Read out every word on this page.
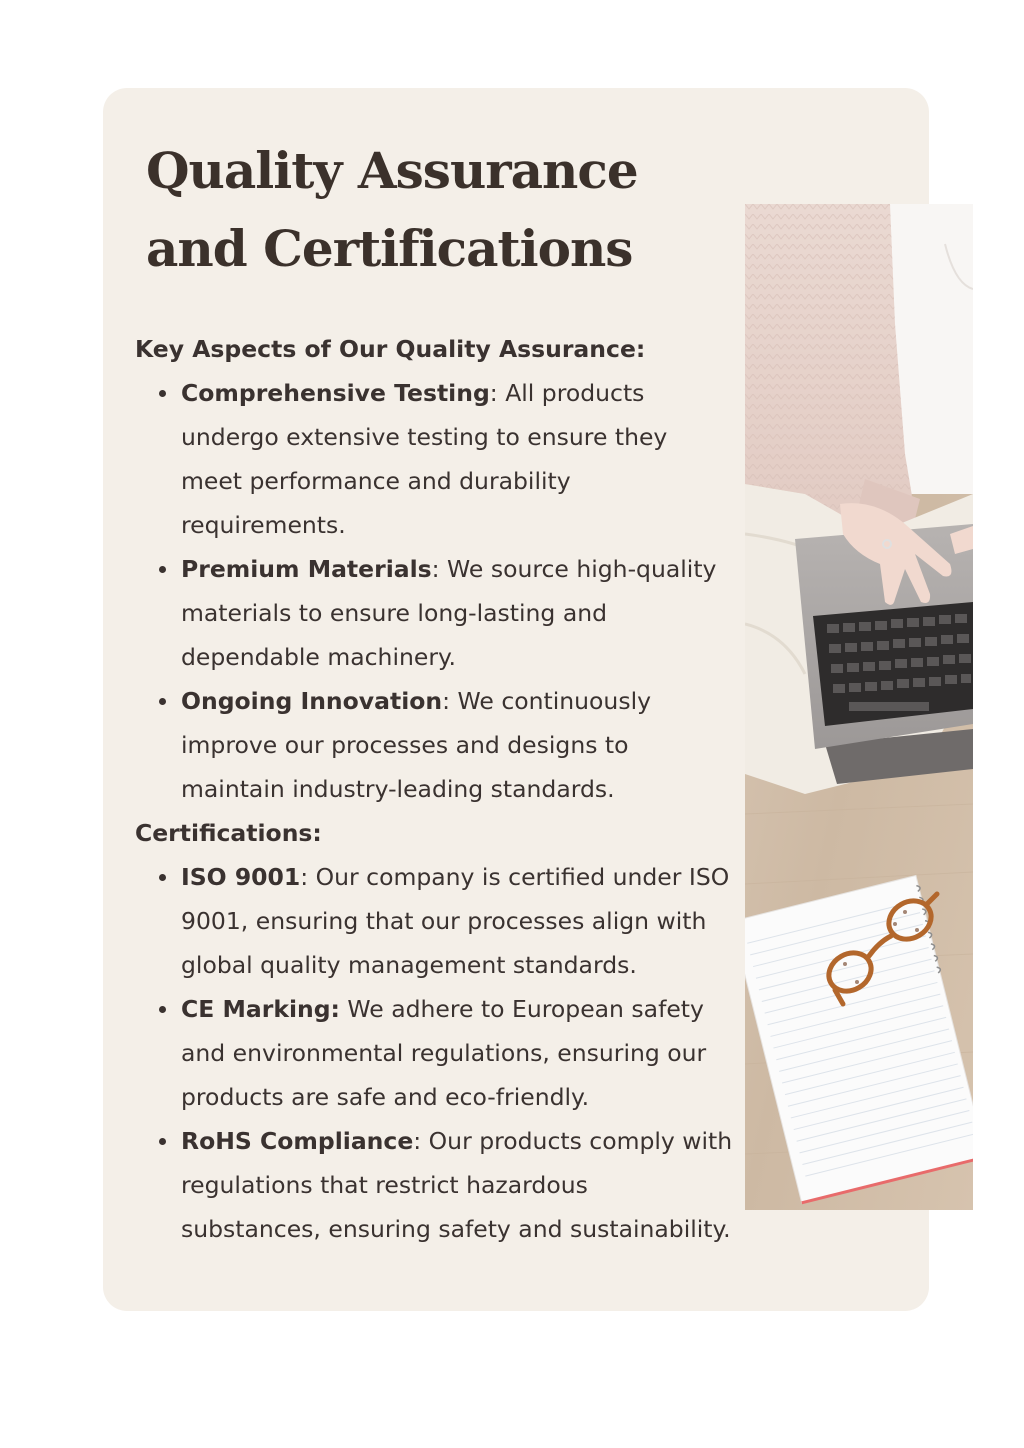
Quality Assurance and Certifications
Key Aspects of Our Quality Assurance:
Comprehensive Testing: All products undergo extensive testing to ensure they meet performance and durability requirements.
Premium Materials: We source high-quality materials to ensure long-lasting and dependable machinery.
Ongoing Innovation: We continuously improve our processes and designs to maintain industry-leading standards.
Certifications:
ISO 9001: Our company is certified under ISO 9001, ensuring that our processes align with global quality management standards.
CE Marking: We adhere to European safety and environmental regulations, ensuring our products are safe and eco-friendly.
RoHS Compliance: Our products comply with regulations that restrict hazardous substances, ensuring safety and sustainability.
